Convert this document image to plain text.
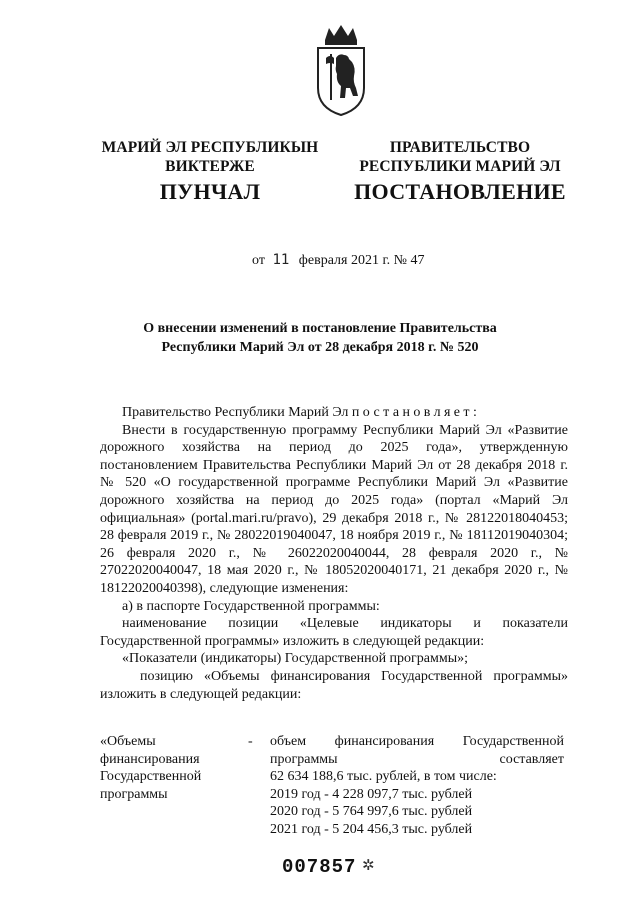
МАРИЙ ЭЛ РЕСПУБЛИКЫН
ВИКТЕРЖЕ
ПУНЧАЛ
ПРАВИТЕЛЬСТВО
РЕСПУБЛИКИ МАРИЙ ЭЛ
ПОСТАНОВЛЕНИЕ
от 11 февраля 2021 г. № 47
О внесении изменений в постановление Правительства
Республики Марий Эл от 28 декабря 2018 г. № 520

Правительство Республики Марий Эл постановляет:

Внести в государственную программу Республики Марий Эл «Развитие дорожного хозяйства на период до 2025 года», утвержденную постановлением Правительства Республики Марий Эл от 28 декабря 2018 г. № 520 «О государственной программе Республики Марий Эл «Развитие дорожного хозяйства на период до 2025 года» (портал «Марий Эл официальная» (portal.mari.ru/pravo), 29 декабря 2018 г., № 28122018040453; 28 февраля 2019 г., № 28022019040047, 18 ноября 2019 г., № 18112019040304; 26 февраля 2020 г., № 26022020040044, 28 февраля 2020 г., № 27022020040047, 18 мая 2020 г., № 18052020040171, 21 декабря 2020 г., № 18122020040398), следующие изменения:

а) в паспорте Государственной программы:

наименование позиции «Целевые индикаторы и показатели Государственной программы» изложить в следующей редакции:

«Показатели (индикаторы) Государственной программы»;

позицию «Объемы финансирования Государственной программы» изложить в следующей редакции:

«Объемы
финансирования
Государственной
программы
- объем финансирования Государственной
программы составляет
62 634 188,6 тыс. рублей, в том числе:
2019 год - 4 228 097,7 тыс. рублей
2020 год - 5 764 997,6 тыс. рублей
2021 год - 5 204 456,3 тыс. рублей
007857 ✲
